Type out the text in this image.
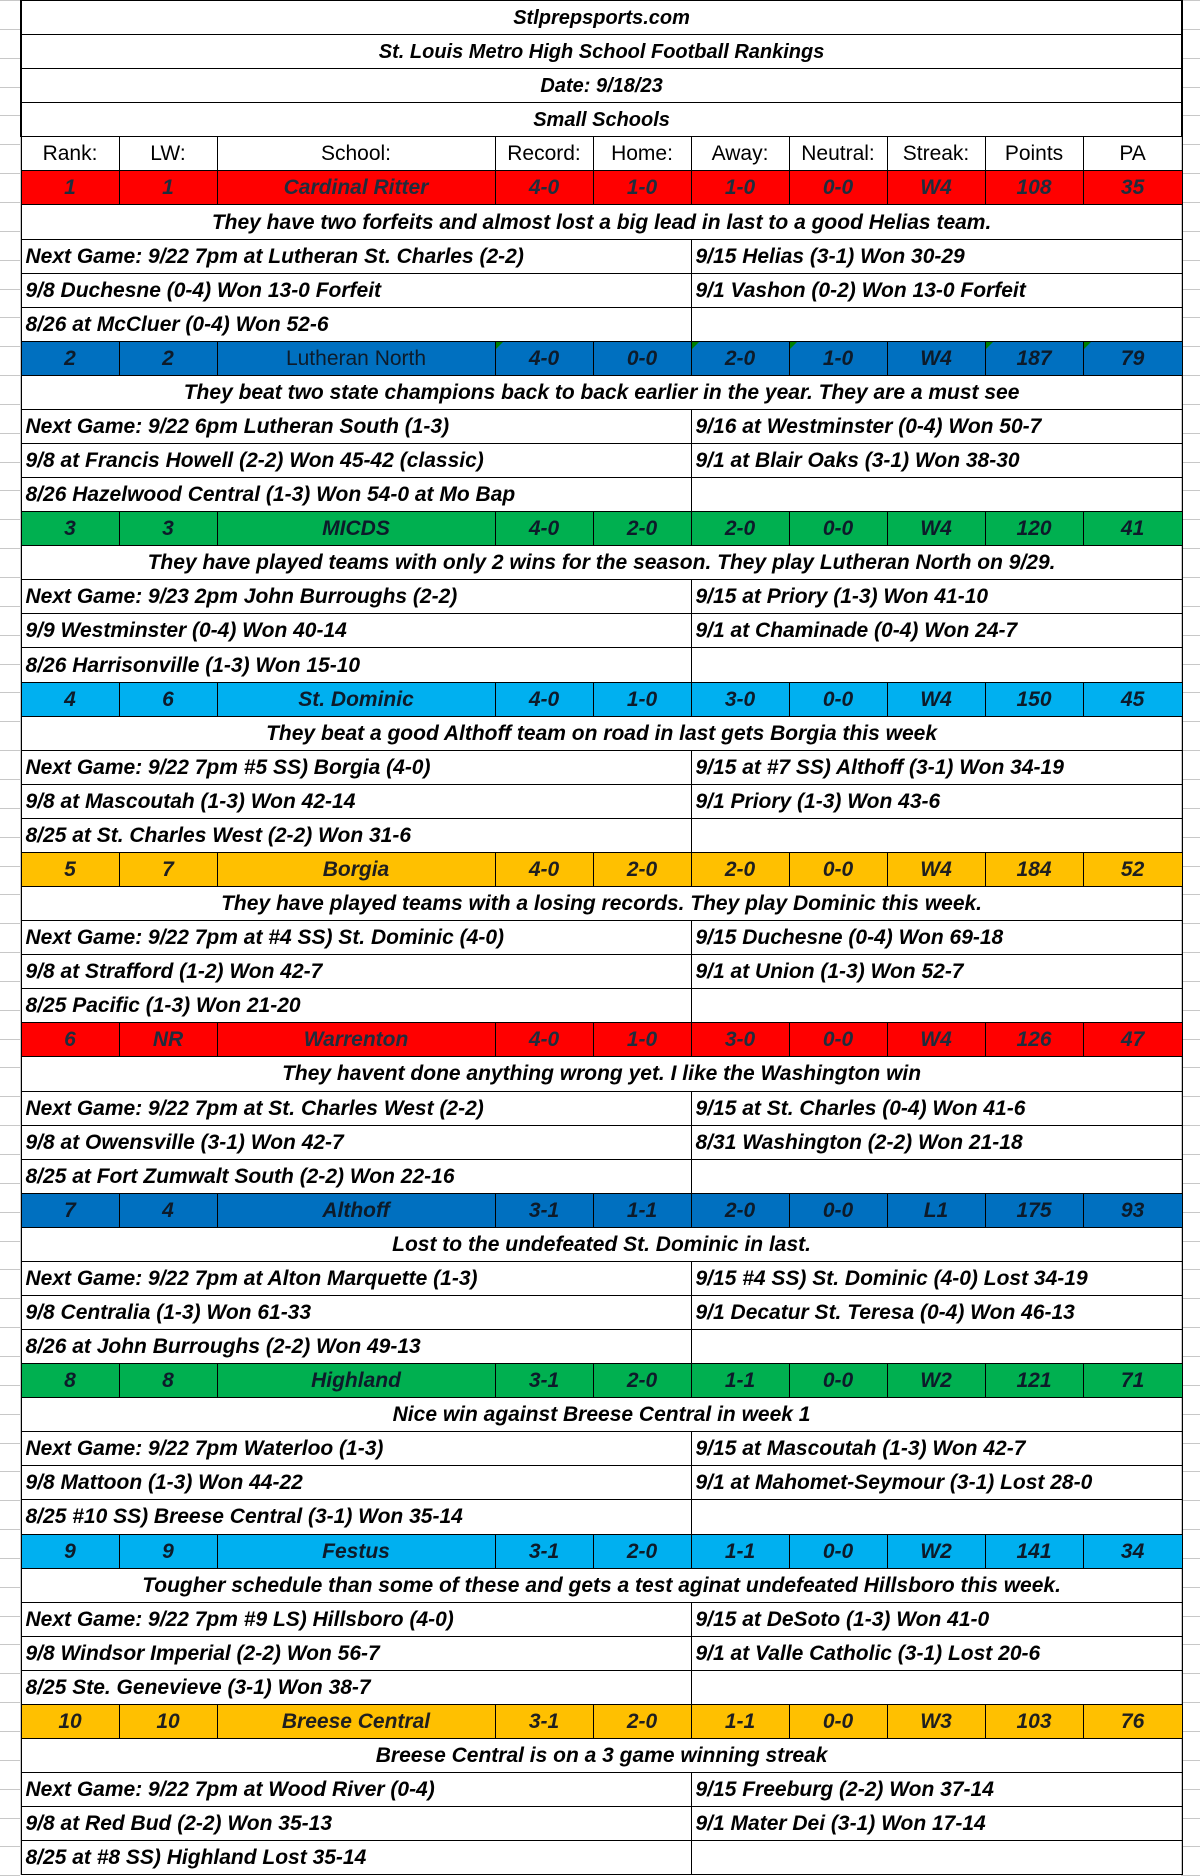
Stlprepsports.com									
St. Louis Metro High School Football Rankings									
Date: 9/18/23									
Small Schools									
Rank:	LW:	School:	Record:	Home:	Away:	Neutral:	Streak:	Points	PA
1	1	Cardinal Ritter	4-0	1-0	1-0	0-0	W4	108	35
They have two forfeits and almost lost a big lead in last to a good Helias team.									
Next Game: 9/22 7pm at Lutheran St. Charles (2-2)					9/15 Helias (3-1) Won 30-29				
9/8 Duchesne (0-4) Won 13-0 Forfeit					9/1 Vashon (0-2) Won 13-0 Forfeit				
8/26 at McCluer (0-4) Won 52-6									
2	2	Lutheran North	4-0	0-0	2-0	1-0	W4	187	79
They beat two state champions back to back earlier in the year. They are a must see									
Next Game: 9/22 6pm Lutheran South (1-3)					9/16 at Westminster (0-4) Won 50-7				
9/8 at Francis Howell (2-2) Won 45-42 (classic)					9/1 at Blair Oaks (3-1) Won 38-30				
8/26 Hazelwood Central (1-3) Won 54-0 at Mo Bap									
3	3	MICDS	4-0	2-0	2-0	0-0	W4	120	41
They have played teams with only 2 wins for the season. They play Lutheran North on 9/29.									
Next Game: 9/23 2pm John Burroughs (2-2)					9/15 at Priory (1-3) Won 41-10				
9/9 Westminster (0-4) Won 40-14					9/1 at Chaminade (0-4) Won 24-7				
8/26 Harrisonville (1-3) Won 15-10									
4	6	St. Dominic	4-0	1-0	3-0	0-0	W4	150	45
They beat a good Althoff team on road in last gets Borgia this week									
Next Game: 9/22 7pm #5 SS) Borgia (4-0)					9/15 at #7 SS) Althoff (3-1) Won 34-19				
9/8 at Mascoutah (1-3) Won 42-14					9/1 Priory (1-3) Won 43-6				
8/25 at St. Charles West (2-2) Won 31-6									
5	7	Borgia	4-0	2-0	2-0	0-0	W4	184	52
They have played teams with a losing records. They play Dominic this week.									
Next Game: 9/22 7pm at #4 SS) St. Dominic (4-0)					9/15 Duchesne (0-4) Won 69-18				
9/8 at Strafford (1-2) Won 42-7					9/1 at Union (1-3) Won 52-7				
8/25 Pacific (1-3) Won 21-20									
6	NR	Warrenton	4-0	1-0	3-0	0-0	W4	126	47
They havent done anything wrong yet. I like the Washington win									
Next Game: 9/22 7pm at St. Charles West (2-2)					9/15 at St. Charles (0-4) Won 41-6				
9/8 at Owensville (3-1) Won 42-7					8/31 Washington (2-2) Won 21-18				
8/25 at Fort Zumwalt South (2-2) Won 22-16									
7	4	Althoff	3-1	1-1	2-0	0-0	L1	175	93
Lost to the undefeated St. Dominic in last.									
Next Game: 9/22 7pm at Alton Marquette (1-3)					9/15 #4 SS) St. Dominic (4-0) Lost 34-19				
9/8 Centralia (1-3) Won 61-33					9/1 Decatur St. Teresa (0-4) Won 46-13				
8/26 at John Burroughs (2-2) Won 49-13									
8	8	Highland	3-1	2-0	1-1	0-0	W2	121	71
Nice win against Breese Central in week 1									
Next Game: 9/22 7pm Waterloo (1-3)					9/15 at Mascoutah (1-3) Won 42-7				
9/8 Mattoon (1-3) Won 44-22					9/1 at Mahomet-Seymour (3-1) Lost 28-0				
8/25 #10 SS) Breese Central (3-1) Won 35-14									
9	9	Festus	3-1	2-0	1-1	0-0	W2	141	34
Tougher schedule than some of these and gets a test aginat undefeated Hillsboro this week.									
Next Game: 9/22 7pm #9 LS) Hillsboro (4-0)					9/15 at DeSoto (1-3) Won 41-0				
9/8 Windsor Imperial (2-2) Won 56-7					9/1 at Valle Catholic (3-1) Lost 20-6				
8/25 Ste. Genevieve (3-1) Won 38-7									
10	10	Breese Central	3-1	2-0	1-1	0-0	W3	103	76
Breese Central is on a 3 game winning streak									
Next Game: 9/22 7pm at Wood River (0-4)					9/15 Freeburg (2-2) Won 37-14				
9/8 at Red Bud (2-2) Won 35-13					9/1 Mater Dei (3-1) Won 17-14				
8/25 at #8 SS) Highland Lost 35-14									
